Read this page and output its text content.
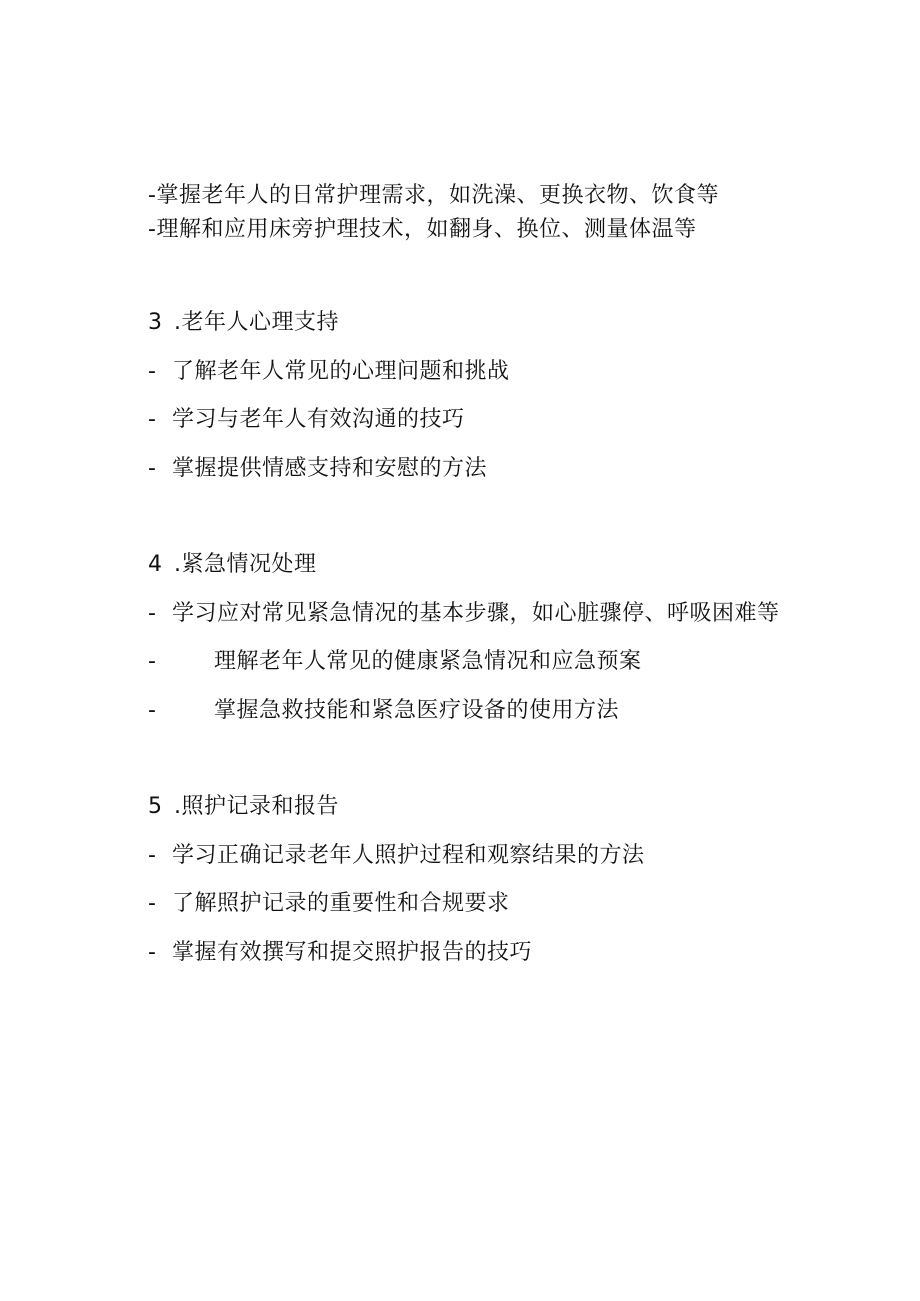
-掌握老年人的日常护理需求，如洗澡、更换衣物、饮食等
-理解和应用床旁护理技术，如翻身、换位、测量体温等
3 .老年人心理支持
- 了解老年人常见的心理问题和挑战
- 学习与老年人有效沟通的技巧
- 掌握提供情感支持和安慰的方法
4 .紧急情况处理
- 学习应对常见紧急情况的基本步骤，如心脏骤停、呼吸困难等
-	理解老年人常见的健康紧急情况和应急预案
-	掌握急救技能和紧急医疗设备的使用方法
5 .照护记录和报告
- 学习正确记录老年人照护过程和观察结果的方法
- 了解照护记录的重要性和合规要求
- 掌握有效撰写和提交照护报告的技巧
